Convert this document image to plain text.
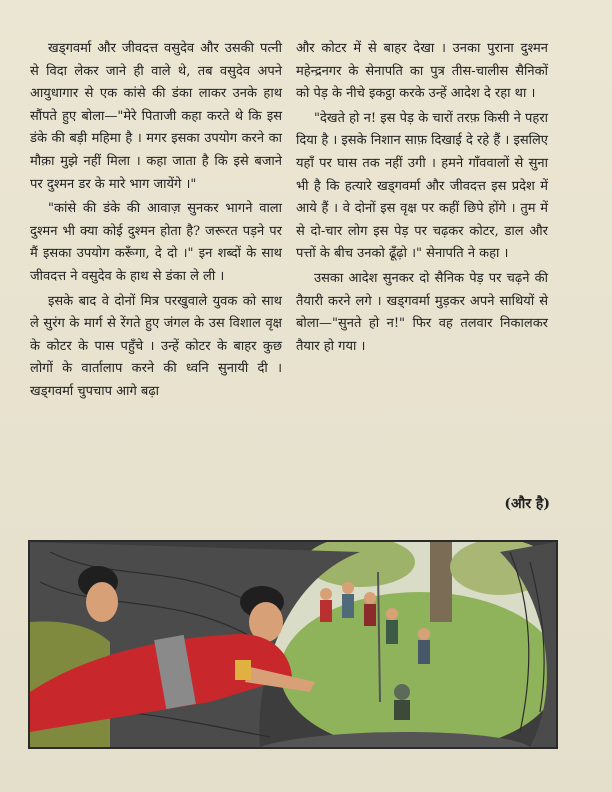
खड्गवर्मा और जीवदत्त वसुदेव और उसकी पत्नी से विदा लेकर जाने ही वाले थे, तब वसुदेव अपने आयुधागार से एक कांसे की डंका लाकर उनके हाथ सौंपते हुए बोला—"मेरे पिताजी कहा करते थे कि इस डंके की बड़ी महिमा है । मगर इसका उपयोग करने का मौक़ा मुझे नहीं मिला । कहा जाता है कि इसे बजाने पर दुश्मन डर के मारे भाग जायेंगे ।"

"कांसे की डंके की आवाज़ सुनकर भागने वाला दुश्मन भी क्या कोई दुश्मन होता है? जरूरत पड़ने पर मैं इसका उपयोग करूँगा, दे दो ।" इन शब्दों के साथ जीवदत्त ने वसुदेव के हाथ से डंका ले ली ।

इसके बाद वे दोनों मित्र परखुवाले युवक को साथ ले सुरंग के मार्ग से रेंगते हुए जंगल के उस विशाल वृक्ष के कोटर के पास पहुँचे । उन्हें कोटर के बाहर कुछ लोगों के वार्तालाप करने की ध्वनि सुनायी दी । खड्गवर्मा चुपचाप आगे बढ़ा

और कोटर में से बाहर देखा । उनका पुराना दुश्मन महेन्द्रनगर के सेनापति का पुत्र तीस-चालीस सैनिकों को पेड़ के नीचे इकट्ठा करके उन्हें आदेश दे रहा था ।

"देखते हो न! इस पेड़ के चारों तरफ़ किसी ने पहरा दिया है । इसके निशान साफ़ दिखाई दे रहे हैं । इसलिए यहाँ पर घास तक नहीं उगी । हमने गाँववालों से सुना भी है कि हत्यारे खड्गवर्मा और जीवदत्त इस प्रदेश में आये हैं । वे दोनों इस वृक्ष पर कहीं छिपे होंगे । तुम में से दो-चार लोग इस पेड़ पर चढ़कर कोटर, डाल और पत्तों के बीच उनको ढूँढ़ो ।" सेनापति ने कहा ।

उसका आदेश सुनकर दो सैनिक पेड़ पर चढ़ने की तैयारी करने लगे । खड्गवर्मा मुड़कर अपने साथियों से बोला—"सुनते हो न!" फिर वह तलवार निकालकर तैयार हो गया ।

(और है)
